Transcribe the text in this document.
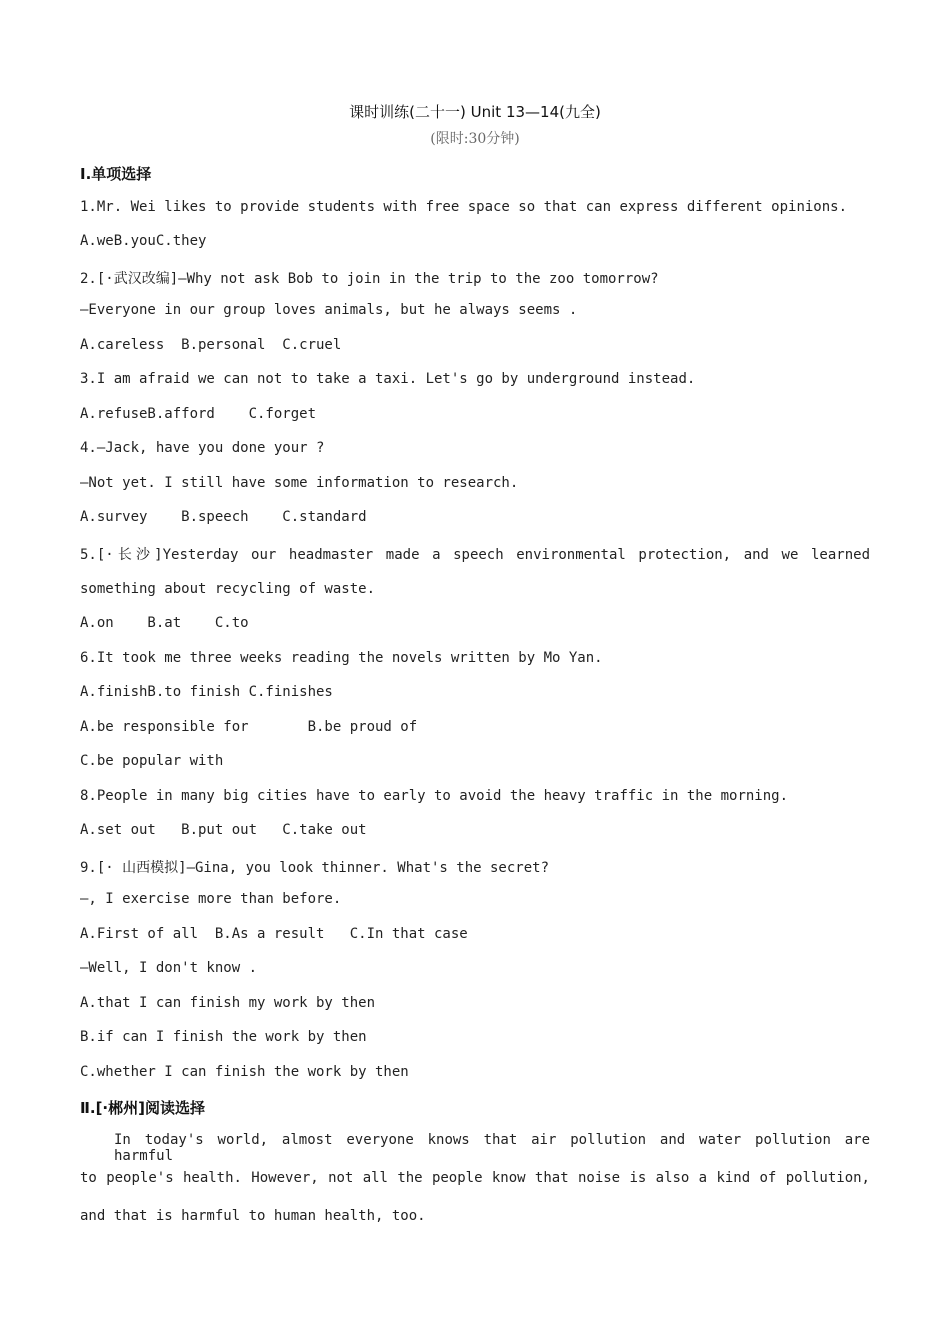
课时训练(二十一) Unit 13—14(九全)
(限时:30分钟)
Ⅰ.单项选择
1.Mr. Wei likes to provide students with free space so that can express different opinions.
A.weB.youC.they
2.[·武汉改编]—Why not ask Bob to join in the trip to the zoo tomorrow?
—Everyone in our group loves animals, but he always seems .
A.careless  B.personal  C.cruel
3.I am afraid we can not to take a taxi. Let's go by underground instead.
A.refuseB.afford    C.forget
4.—Jack, have you done your ?
—Not yet. I still have some information to research.
A.survey    B.speech    C.standard
5.[·长沙]Yesterday our headmaster made a speech environmental protection, and we learned
something about recycling of waste.
A.on    B.at    C.to
6.It took me three weeks reading the novels written by Mo Yan.
A.finishB.to finish C.finishes
A.be responsible for       B.be proud of
C.be popular with
8.People in many big cities have to early to avoid the heavy traffic in the morning.
A.set out   B.put out   C.take out
9.[· 山西模拟]—Gina, you look thinner. What's the secret?
—, I exercise more than before.
A.First of all  B.As a result   C.In that case
—Well, I don't know .
A.that I can finish my work by then
B.if can I finish the work by then
C.whether I can finish the work by then
Ⅱ.[·郴州]阅读选择
In today's world, almost everyone knows that air pollution and water pollution are harmful
to people's health. However, not all the people know that noise is also a kind of pollution,
and that is harmful to human health, too.
